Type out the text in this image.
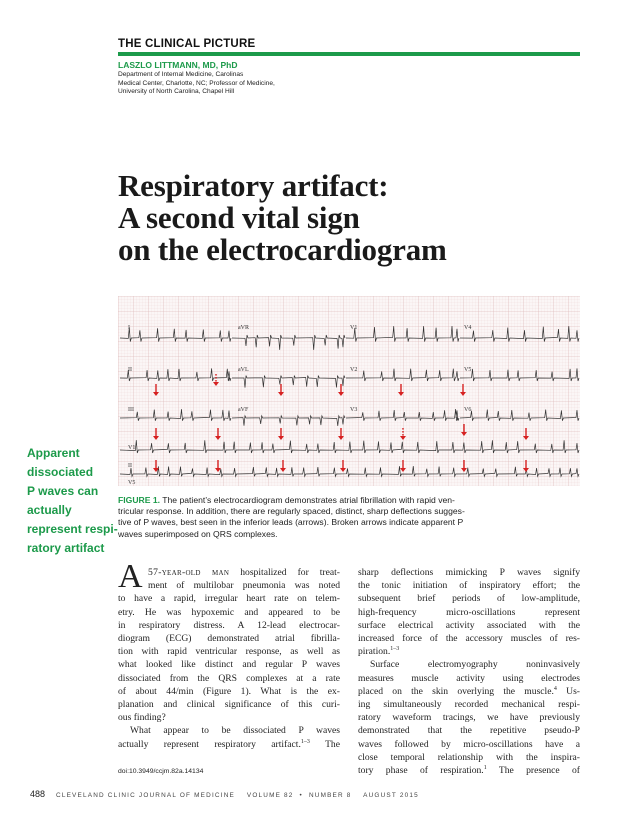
THE CLINICAL PICTURE
LASZLO LITTMANN, MD, PhD
Department of Internal Medicine, Carolinas
Medical Center, Charlotte, NC; Professor of Medicine,
University of North Carolina, Chapel Hill
Respiratory artifact:
A second vital sign
on the electrocardiogram
I	aVR	V1	V4
II	aVL	V2	V5
III	aVF	V3	V6
V1
II
V5
Apparent
dissociated
P waves can
actually
represent respi-
ratory artifact
FIGURE 1. The patient’s electrocardiogram demonstrates atrial fibrillation with rapid ven-
tricular response. In addition, there are regularly spaced, distinct, sharp deflections sugges-
tive of P waves, best seen in the inferior leads (arrows). Broken arrows indicate apparent P
waves superimposed on QRS complexes.
A 57-year-old man hospitalized for treat-
ment of multilobar pneumonia was noted
to have a rapid, irregular heart rate on telem-
etry. He was hypoxemic and appeared to be
in respiratory distress. A 12-lead electrocar-
diogram (ECG) demonstrated atrial fibrilla-
tion with rapid ventricular response, as well as
what looked like distinct and regular P waves
dissociated from the QRS complexes at a rate
of about 44/min (Figure 1). What is the ex-
planation and clinical significance of this curi-
ous finding?
What appear to be dissociated P waves
actually represent respiratory artifact.$^{1-3}$ The
sharp deflections mimicking P waves signify
the tonic initiation of inspiratory effort; the
subsequent brief periods of low-amplitude,
high-frequency micro-oscillations represent
surface electrical activity associated with the
increased force of the accessory muscles of res-
piration.$^{1-3}$
Surface electromyography noninvasively
measures muscle activity using electrodes
placed on the skin overlying the muscle.$^4$ Us-
ing simultaneously recorded mechanical respi-
ratory waveform tracings, we have previously
demonstrated that the repetitive pseudo-P
waves followed by micro-oscillations have a
close temporal relationship with the inspira-
tory phase of respiration.$^1$ The presence of
doi:10.3949/ccjm.82a.14134
488 CLEVELAND CLINIC JOURNAL OF MEDICINE VOLUME 82  •  NUMBER 8 AUGUST 2015
